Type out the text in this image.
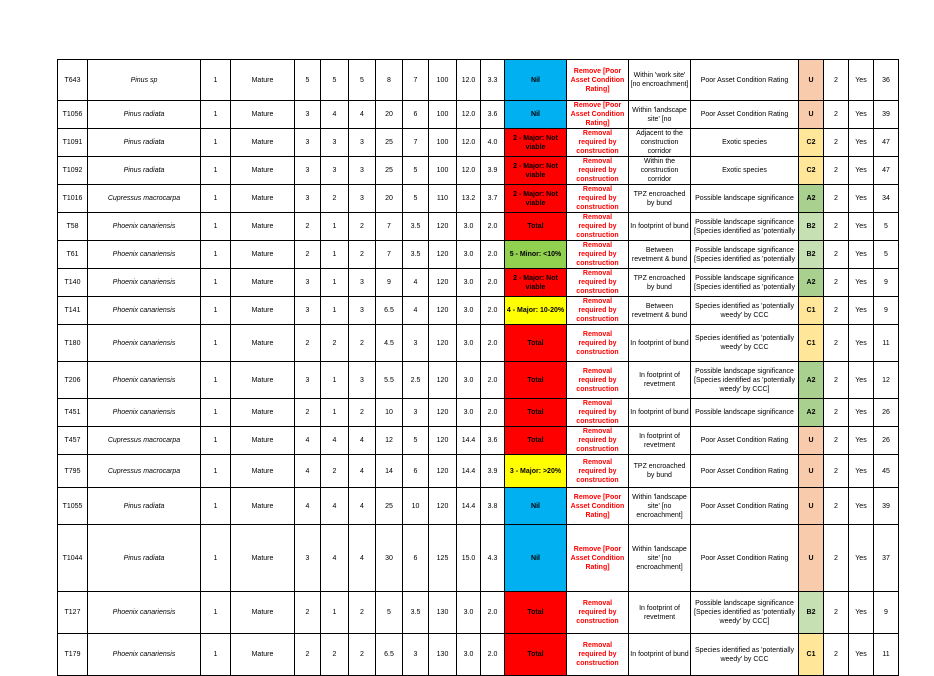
T643	Pinus sp	1	Mature	5	5	5	8	7	100	12.0	3.3	Nil	Remove [Poor Asset Condition Rating]	Within 'work site' [no encroachment]	Poor Asset Condition Rating	U	2	Yes	36
T1056	Pinus radiata	1	Mature	3	4	4	20	6	100	12.0	3.6	Nil	Remove [Poor Asset Condition Rating]	Within 'landscape site' [no	Poor Asset Condition Rating	U	2	Yes	39
T1091	Pinus radiata	1	Mature	3	3	3	25	7	100	12.0	4.0	2 - Major: Not viable	Removal required by construction	Adjacent to the construction corridor	Exotic species	C2	2	Yes	47
T1092	Pinus radiata	1	Mature	3	3	3	25	5	100	12.0	3.9	2 - Major: Not viable	Removal required by construction	Within the construction corridor	Exotic species	C2	2	Yes	47
T1016	Cupressus macrocarpa	1	Mature	3	2	3	20	5	110	13.2	3.7	2 - Major: Not viable	Removal required by construction	TPZ encroached by bund	Possible landscape significance	A2	2	Yes	34
T58	Phoenix canariensis	1	Mature	2	1	2	7	3.5	120	3.0	2.0	Total	Removal required by construction	In footprint of bund	Possible landscape significance [Species identified as 'potentially	B2	2	Yes	5
T61	Phoenix canariensis	1	Mature	2	1	2	7	3.5	120	3.0	2.0	5 - Minor: <10%	Removal required by construction	Between revetment & bund	Possible landscape significance [Species identified as 'potentially	B2	2	Yes	5
T140	Phoenix canariensis	1	Mature	3	1	3	9	4	120	3.0	2.0	2 - Major: Not viable	Removal required by construction	TPZ encroached by bund	Possible landscape significance [Species identified as 'potentially	A2	2	Yes	9
T141	Phoenix canariensis	1	Mature	3	1	3	6.5	4	120	3.0	2.0	4 - Major: 10-20%	Removal required by construction	Between revetment & bund	Species identified as 'potentially weedy' by CCC	C1	2	Yes	9
T180	Phoenix canariensis	1	Mature	2	2	2	4.5	3	120	3.0	2.0	Total	Removal required by construction	In footprint of bund	Species identified as 'potentially weedy' by CCC	C1	2	Yes	11
T206	Phoenix canariensis	1	Mature	3	1	3	5.5	2.5	120	3.0	2.0	Total	Removal required by construction	In footprint of revetment	Possible landscape significance [Species identified as 'potentially weedy' by CCC]	A2	2	Yes	12
T451	Phoenix canariensis	1	Mature	2	1	2	10	3	120	3.0	2.0	Total	Removal required by construction	In footprint of bund	Possible landscape significance	A2	2	Yes	26
T457	Cupressus macrocarpa	1	Mature	4	4	4	12	5	120	14.4	3.6	Total	Removal required by construction	In footprint of revetment	Poor Asset Condition Rating	U	2	Yes	26
T795	Cupressus macrocarpa	1	Mature	4	2	4	14	6	120	14.4	3.9	3 - Major: >20%	Removal required by construction	TPZ encroached by bund	Poor Asset Condition Rating	U	2	Yes	45
T1055	Pinus radiata	1	Mature	4	4	4	25	10	120	14.4	3.8	Nil	Remove [Poor Asset Condition Rating]	Within 'landscape site' [no encroachment]	Poor Asset Condition Rating	U	2	Yes	39
T1044	Pinus radiata	1	Mature	3	4	4	30	6	125	15.0	4.3	Nil	Remove [Poor Asset Condition Rating]	Within 'landscape site' [no encroachment]	Poor Asset Condition Rating	U	2	Yes	37
T127	Phoenix canariensis	1	Mature	2	1	2	5	3.5	130	3.0	2.0	Total	Removal required by construction	In footprint of revetment	Possible landscape significance [Species identified as 'potentially weedy' by CCC]	B2	2	Yes	9
T179	Phoenix canariensis	1	Mature	2	2	2	6.5	3	130	3.0	2.0	Total	Removal required by construction	In footprint of bund	Species identified as 'potentially weedy' by CCC	C1	2	Yes	11
